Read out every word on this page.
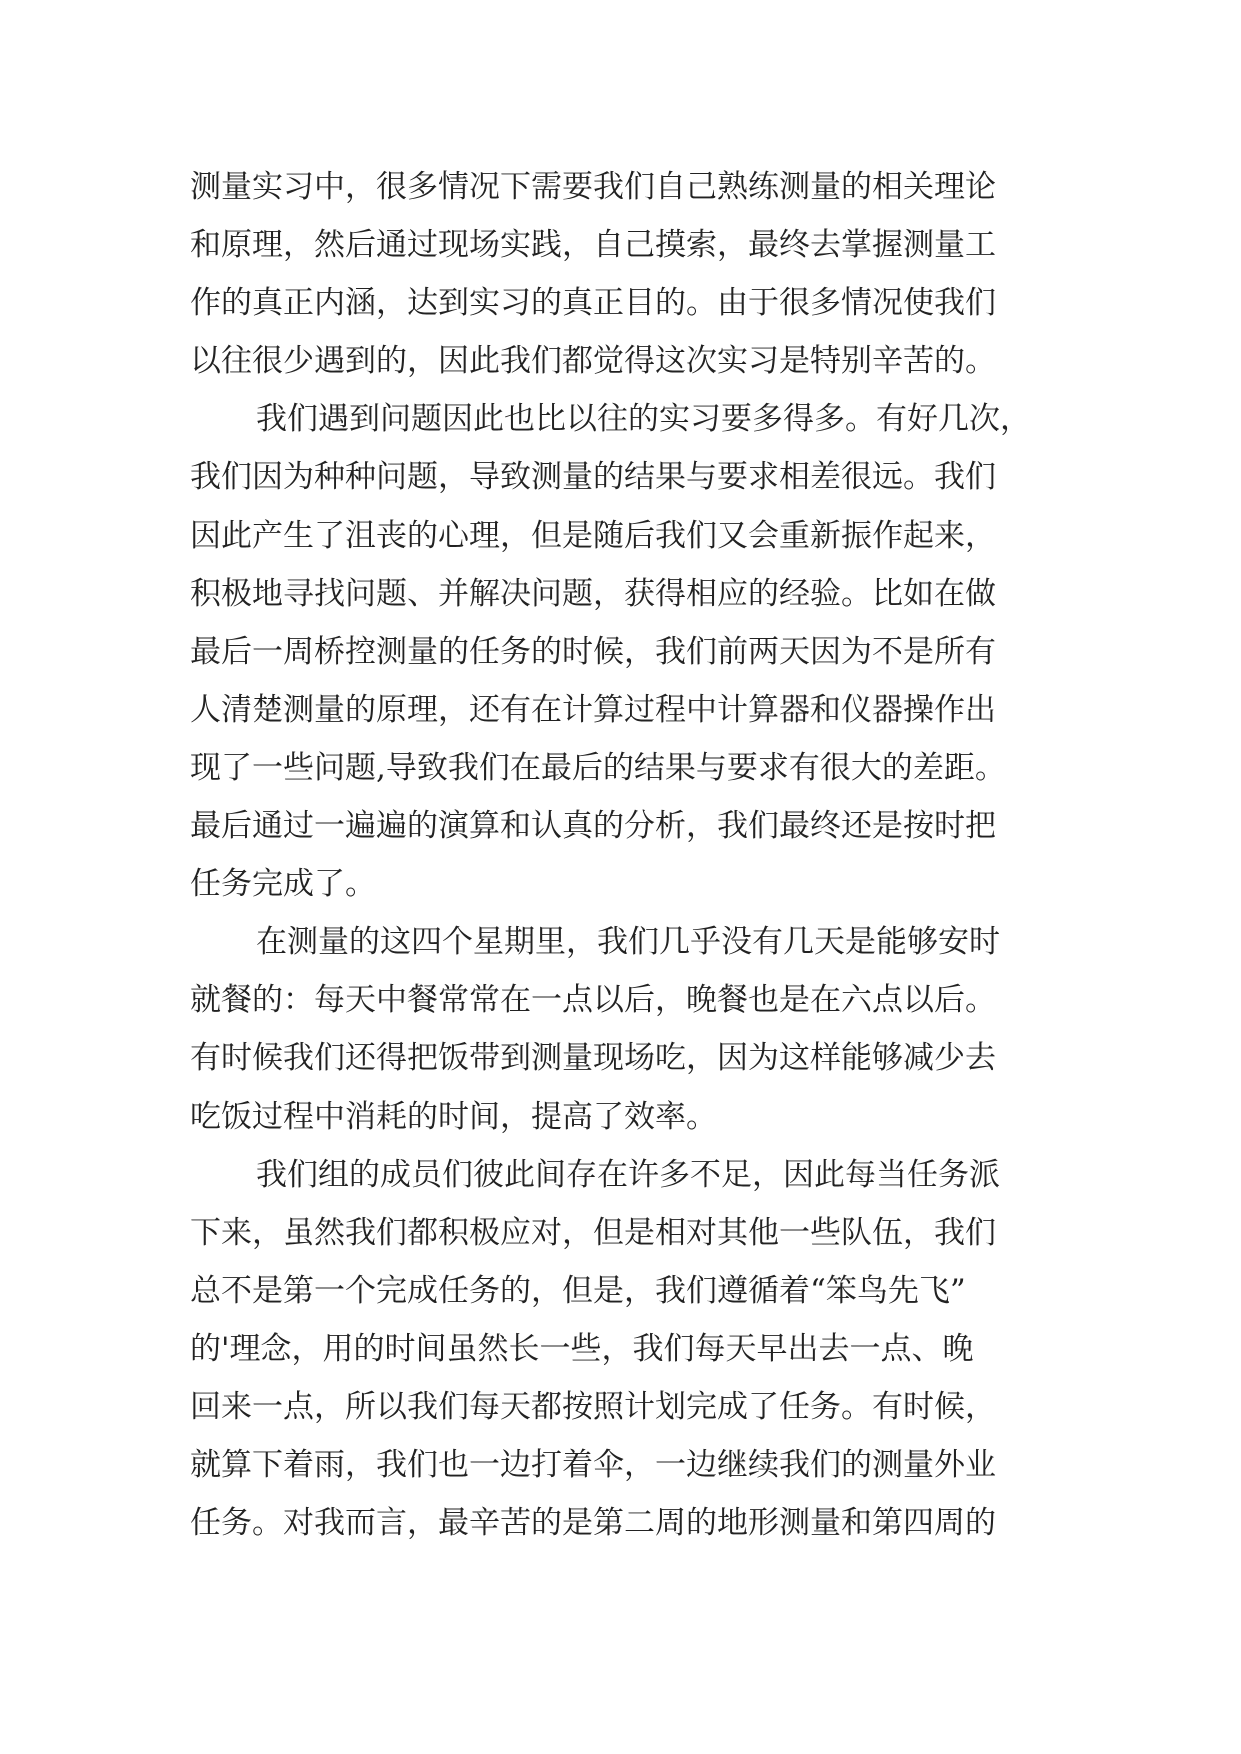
测量实习中，很多情况下需要我们自己熟练测量的相关理论
和原理，然后通过现场实践，自己摸索，最终去掌握测量工
作的真正内涵，达到实习的真正目的。由于很多情况使我们
以往很少遇到的，因此我们都觉得这次实习是特别辛苦的。
我们遇到问题因此也比以往的实习要多得多。有好几次，
我们因为种种问题，导致测量的结果与要求相差很远。我们
因此产生了沮丧的心理，但是随后我们又会重新振作起来，
积极地寻找问题、并解决问题，获得相应的经验。比如在做
最后一周桥控测量的任务的时候，我们前两天因为不是所有
人清楚测量的原理，还有在计算过程中计算器和仪器操作出
现了一些问题,导致我们在最后的结果与要求有很大的差距。
最后通过一遍遍的演算和认真的分析，我们最终还是按时把
任务完成了。
在测量的这四个星期里，我们几乎没有几天是能够安时
就餐的：每天中餐常常在一点以后，晚餐也是在六点以后。
有时候我们还得把饭带到测量现场吃，因为这样能够减少去
吃饭过程中消耗的时间，提高了效率。
我们组的成员们彼此间存在许多不足，因此每当任务派
下来，虽然我们都积极应对，但是相对其他一些队伍，我们
总不是第一个完成任务的，但是，我们遵循着“笨鸟先飞”
的'理念，用的时间虽然长一些，我们每天早出去一点、晚
回来一点，所以我们每天都按照计划完成了任务。有时候，
就算下着雨，我们也一边打着伞，一边继续我们的测量外业
任务。对我而言，最辛苦的是第二周的地形测量和第四周的
